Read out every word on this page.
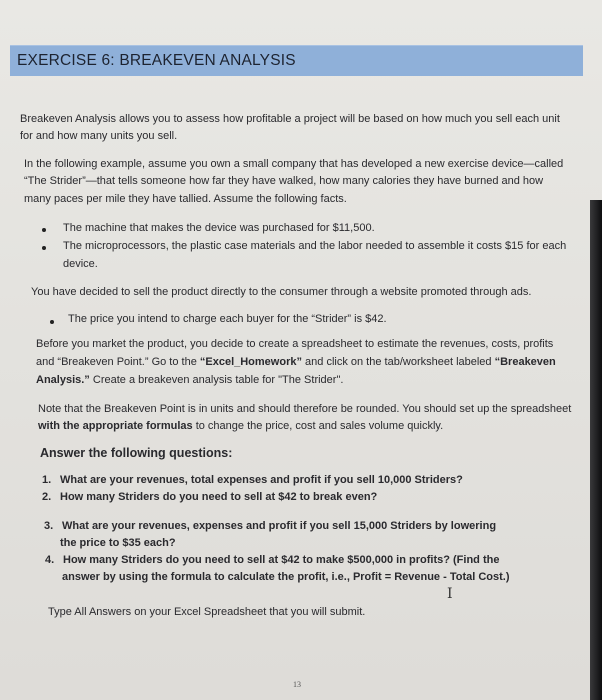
EXERCISE 6: BREAKEVEN ANALYSIS
Breakeven Analysis allows you to assess how profitable a project will be based on how much you sell each unit
for and how many units you sell.
In the following example, assume you own a small company that has developed a new exercise device—called
“The Strider”—that tells someone how far they have walked, how many calories they have burned and how
many paces per mile they have tallied. Assume the following facts.
The machine that makes the device was purchased for $11,500.
The microprocessors, the plastic case materials and the labor needed to assemble it costs $15 for each
device.
You have decided to sell the product directly to the consumer through a website promoted through ads.
The price you intend to charge each buyer for the “Strider” is $42.
Before you market the product, you decide to create a spreadsheet to estimate the revenues, costs, profits
and “Breakeven Point.” Go to the “Excel_Homework” and click on the tab/worksheet labeled “Breakeven
Analysis.” Create a breakeven analysis table for "The Strider".
Note that the Breakeven Point is in units and should therefore be rounded. You should set up the spreadsheet
with the appropriate formulas to change the price, cost and sales volume quickly.
Answer the following questions:
1. What are your revenues, total expenses and profit if you sell 10,000 Striders?
2. How many Striders do you need to sell at $42 to break even?
3. What are your revenues, expenses and profit if you sell 15,000 Striders by lowering
the price to $35 each?
4. How many Striders do you need to sell at $42 to make $500,000 in profits? (Find the
answer by using the formula to calculate the profit, i.e., Profit = Revenue - Total Cost.)
I
Type All Answers on your Excel Spreadsheet that you will submit.
13
